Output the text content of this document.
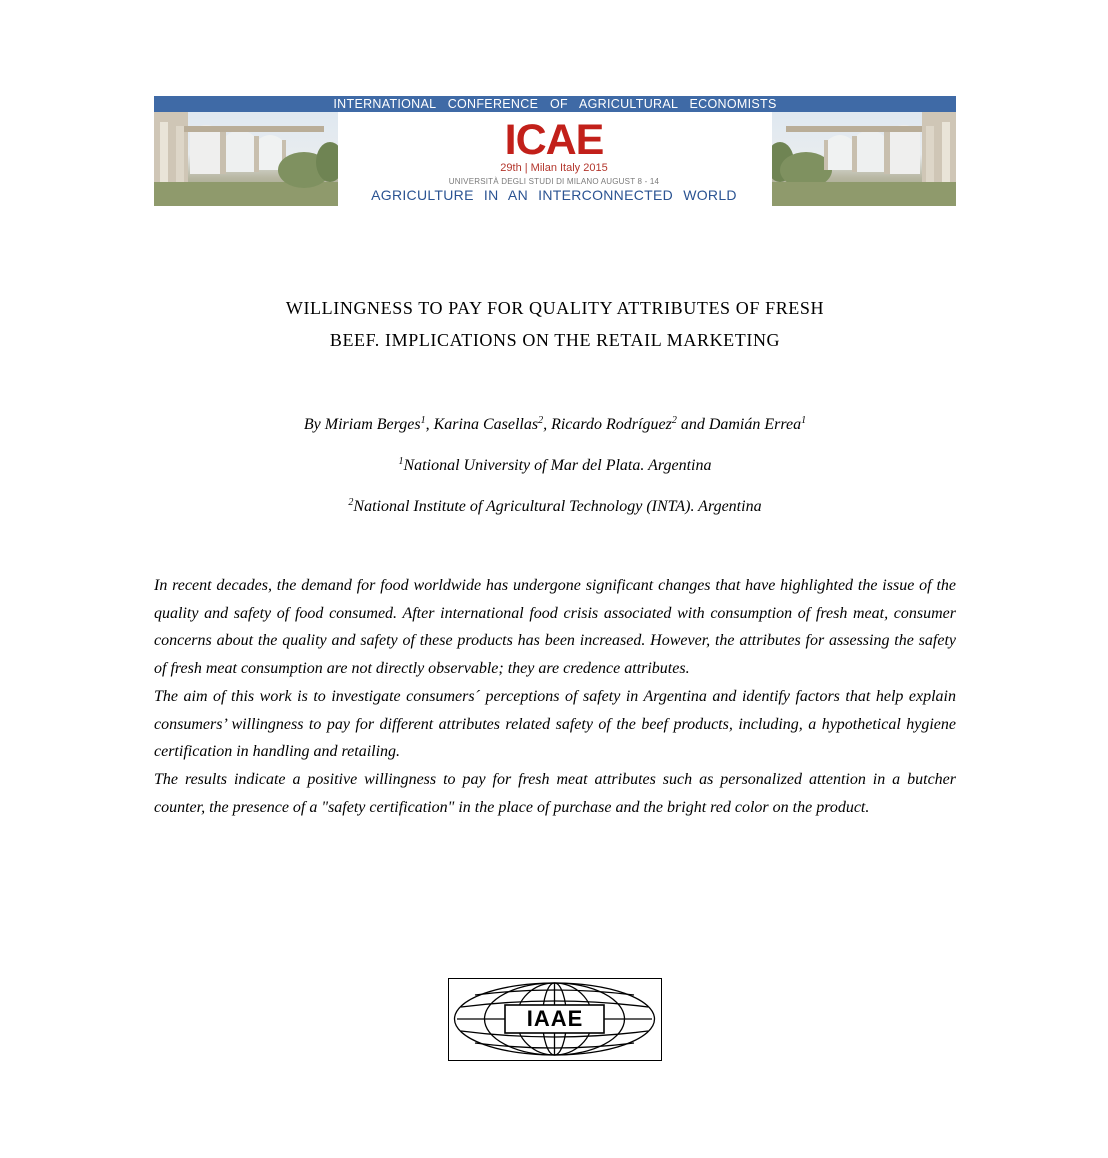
INTERNATIONAL CONFERENCE OF AGRICULTURAL ECONOMISTS
ICAE
29th | Milan Italy 2015
UNIVERSITÀ DEGLI STUDI DI MILANO AUGUST 8 - 14
AGRICULTURE IN AN INTERCONNECTED WORLD
WILLINGNESS TO PAY FOR QUALITY ATTRIBUTES OF FRESH
BEEF. IMPLICATIONS ON THE RETAIL MARKETING
By Miriam Berges$^1$, Karina Casellas$^2$, Ricardo Rodríguez$^2$ and Damián Errea$^1$
$^1$National University of Mar del Plata. Argentina
$^2$National Institute of Agricultural Technology (INTA). Argentina

In recent decades, the demand for food worldwide has undergone significant changes that have highlighted the issue of the quality and safety of food consumed. After international food crisis associated with consumption of fresh meat, consumer concerns about the quality and safety of these products has been increased. However, the attributes for assessing the safety of fresh meat consumption are not directly observable; they are credence attributes.

The aim of this work is to investigate consumers´ perceptions of safety in Argentina and identify factors that help explain consumers’ willingness to pay for different attributes related safety of the beef products, including, a hypothetical hygiene certification in handling and retailing.

The results indicate a positive willingness to pay for fresh meat attributes such as personalized attention in a butcher counter, the presence of a "safety certification" in the place of purchase and the bright red color on the product.

IAAE
